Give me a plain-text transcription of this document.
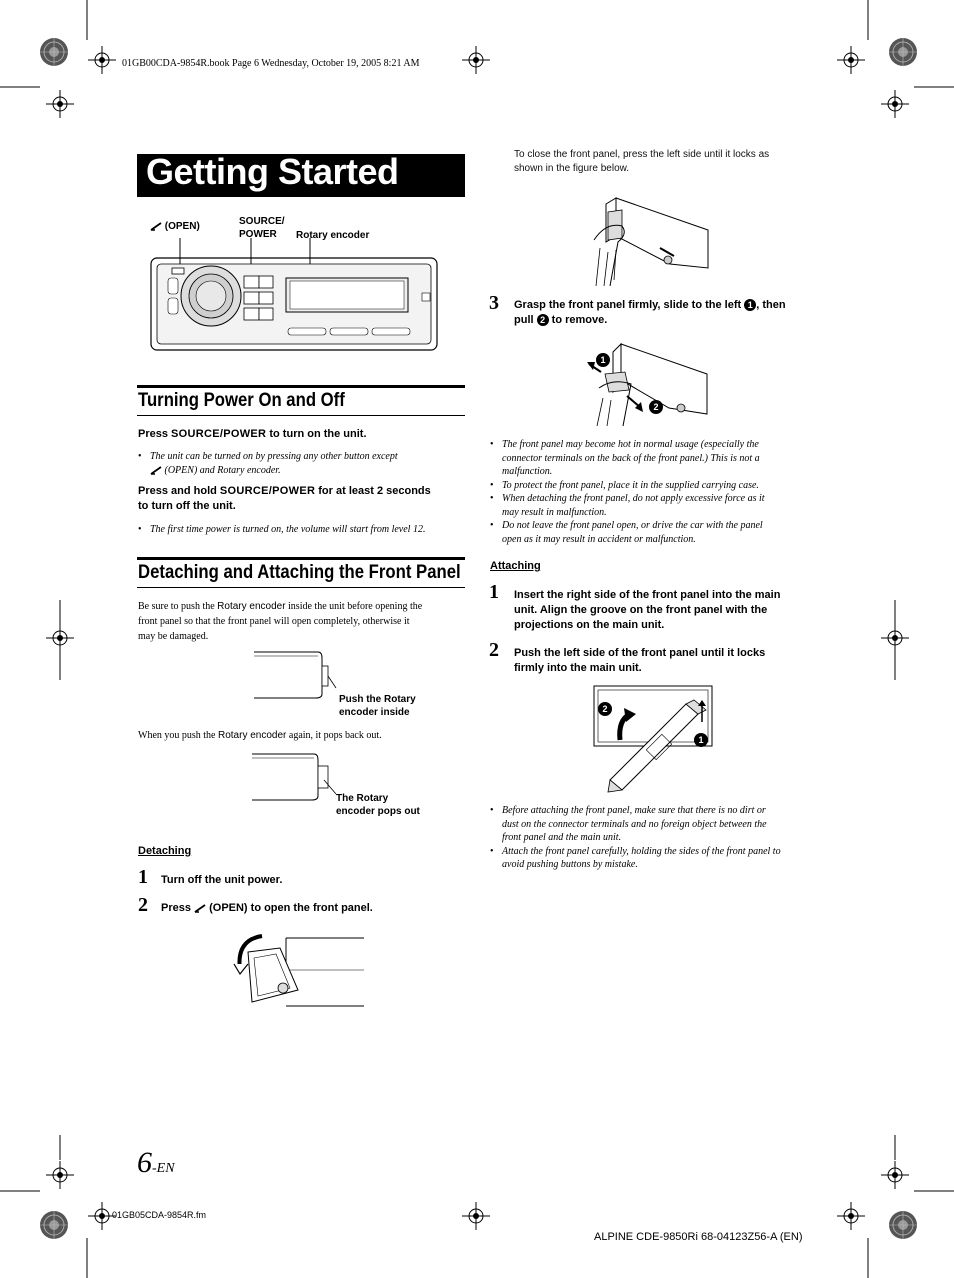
01GB00CDA-9854R.book Page 6 Wednesday, October 19, 2005 8:21 AM
Getting Started
(OPEN)	SOURCE/
POWER	Rotary encoder
Turning Power On and Off
Press SOURCE/POWER to turn on the unit.
• The unit can be turned on by pressing any other button except
(OPEN) and Rotary encoder.
Press and hold SOURCE/POWER for at least 2 seconds
to turn off the unit.
• The first time power is turned on, the volume will start from level 12.
Detaching and Attaching the Front Panel
Be sure to push the Rotary encoder inside the unit before opening the
front panel so that the front panel will open completely, otherwise it
may be damaged.
Push the Rotary
encoder inside
When you push the Rotary encoder again, it pops back out.
The Rotary
encoder pops out
Detaching
1 Turn off the unit power.
2 Press  (OPEN) to open the front panel.
To close the front panel, press the left side until it locks as
shown in the figure below.
3 Grasp the front panel firmly, slide to the left 1 , then
pull 2 to remove.
1
2
• The front panel may become hot in normal usage (especially the
connector terminals on the back of the front panel.) This is not a
malfunction.
• To protect the front panel, place it in the supplied carrying case.
• When detaching the front panel, do not apply excessive force as it
may result in malfunction.
• Do not leave the front panel open, or drive the car with the panel
open as it may result in accident or malfunction.
Attaching
1 Insert the right side of the front panel into the main
unit. Align the groove on the front panel with the
projections on the main unit.
2 Push the left side of the front panel until it locks
firmly into the main unit.
2
1
• Before attaching the front panel, make sure that there is no dirt or
dust on the connector terminals and no foreign object between the
front panel and the main unit.
• Attach the front panel carefully, holding the sides of the front panel to
avoid pushing buttons by mistake.
6-EN
01GB05CDA-9854R.fm
ALPINE CDE-9850Ri 68-04123Z56-A (EN)
